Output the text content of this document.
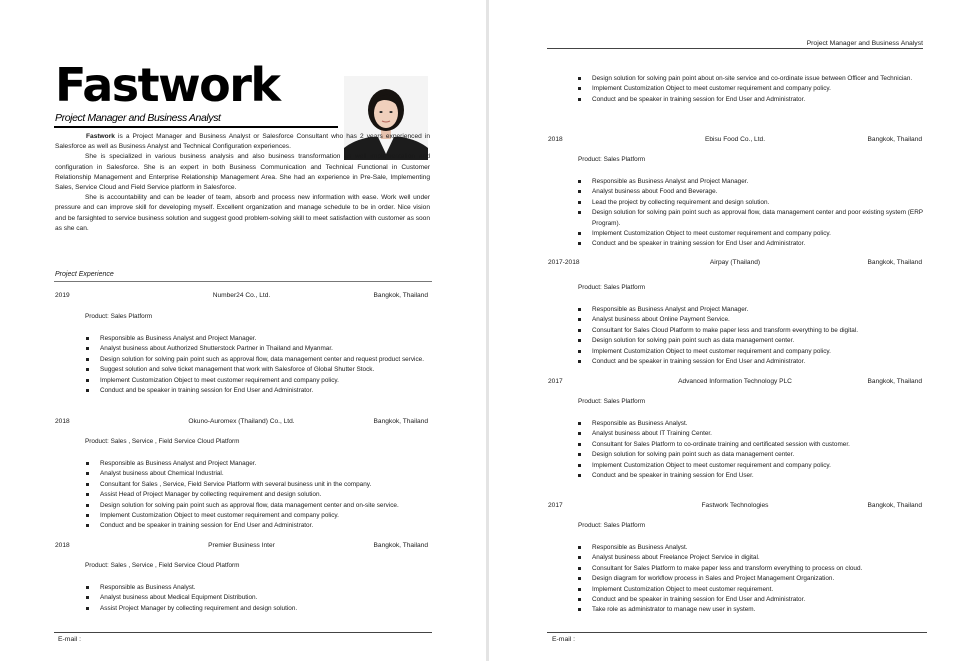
Fastwork
Project Manager and Business Analyst

Fastwork is a Project Manager and Business Analyst or Salesforce Consultant who has 2 years experienced in Salesforce as well as Business Analyst and Technical Configuration experiences.

She is specialized in various business analysis and also business transformation as well implementation and configuration in Salesforce. She is an expert in both Business Communication and Technical Functional in Customer Relationship Management and Enterprise Relationship Management Area. She had an experience in Pre-Sale, Implementing Sales, Service Cloud and Field Service platform in Salesforce.

She is accountability and can be leader of team, absorb and process new information with ease. Work well under pressure and can improve skill for developing myself. Excellent organization and manage schedule to be in order. Nice vision and be farsighted to service business solution and suggest good problem-solving skill to meet satisfaction with customer as soon as she can.

Project Experience
2019	Number24 Co., Ltd.	Bangkok, Thailand
Product: Sales Platform
Responsible as Business Analyst and Project Manager.
Analyst business about Authorized Shutterstock Partner in Thailand and Myanmar.
Design solution for solving pain point such as approval flow, data management center and request product service.
Suggest solution and solve ticket management that work with Salesforce of Global Shutter Stock.
Implement Customization Object to meet customer requirement and company policy.
Conduct and be speaker in training session for End User and Administrator.
2018	Okuno-Auromex (Thailand) Co., Ltd.	Bangkok, Thailand
Product: Sales , Service , Field Service Cloud Platform
Responsible as Business Analyst and Project Manager.
Analyst business about Chemical Industrial.
Consultant for Sales , Service, Field Service Platform with several business unit in the company.
Assist Head of Project Manager by collecting requirement and design solution.
Design solution for solving pain point such as approval flow, data management center and on-site service.
Implement Customization Object to meet customer requirement and company policy.
Conduct and be speaker in training session for End User and Administrator.
2018	Premier Business Inter	Bangkok, Thailand
Product: Sales , Service , Field Service Cloud Platform
Responsible as Business Analyst.
Analyst business about Medical Equipment Distribution.
Assist Project Manager by collecting requirement and design solution.
E-mail :
Project Manager and Business Analyst
Design solution for solving pain point about on-site service and co-ordinate issue between Officer and Technician.
Implement Customization Object to meet customer requirement and company policy.
Conduct and be speaker in training session for End User and Administrator.
2018	Ebisu Food Co., Ltd.	Bangkok, Thailand
Product: Sales Platform
Responsible as Business Analyst and Project Manager.
Analyst business about Food and Beverage.
Lead the project by collecting requirement and design solution.
Design solution for solving pain point such as approval flow, data management center and poor existing system (ERP Program).
Implement Customization Object to meet customer requirement and company policy.
Conduct and be speaker in training session for End User and Administrator.
2017-2018	Airpay (Thailand)	Bangkok, Thailand
Product: Sales Platform
Responsible as Business Analyst and Project Manager.
Analyst business about Online Payment Service.
Consultant for Sales Cloud Platform to make paper less and transform everything to be digital.
Design solution for solving pain point such as data management center.
Implement Customization Object to meet customer requirement and company policy.
Conduct and be speaker in training session for End User and Administrator.
2017	Advanced Information Technology PLC	Bangkok, Thailand
Product: Sales Platform
Responsible as Business Analyst.
Analyst business about IT Training Center.
Consultant for Sales Platform to co-ordinate training and certificated session with customer.
Design solution for solving pain point such as data management center.
Implement Customization Object to meet customer requirement and company policy.
Conduct and be speaker in training session for End User.
2017	Fastwork Technologies	Bangkok, Thailand
Product: Sales Platform
Responsible as Business Analyst.
Analyst business about Freelance Project Service in digital.
Consultant for Sales Platform to make paper less and transform everything to process on cloud.
Design diagram for workflow process in Sales and Project Management Organization.
Implement Customization Object to meet customer requirement.
Conduct and be speaker in training session for End User and Administrator.
Take role as administrator to manage new user in system.
E-mail :
